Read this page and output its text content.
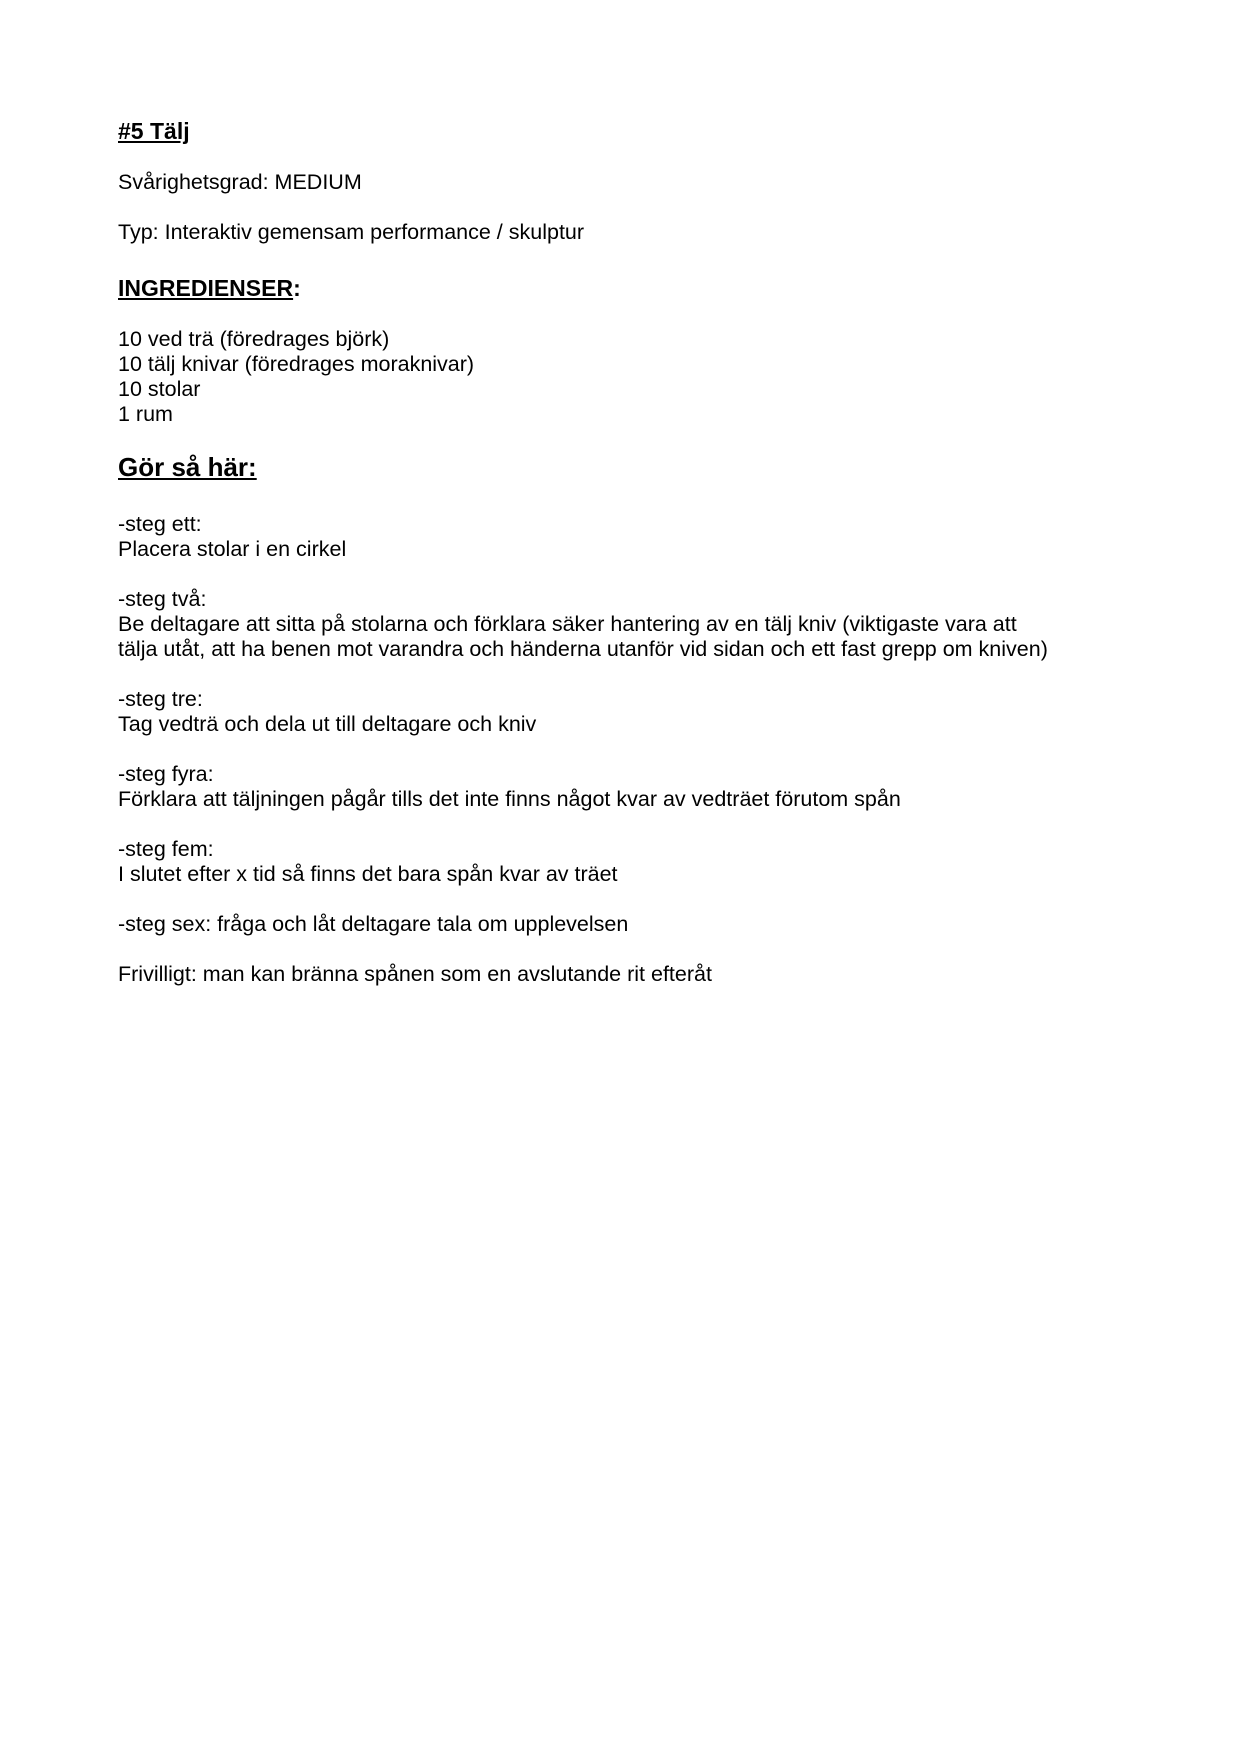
#5 Tälj
Svårighetsgrad: MEDIUM
Typ: Interaktiv gemensam performance / skulptur
INGREDIENSER:
10 ved trä (föredrages björk)
10 tälj knivar (föredrages moraknivar)
10 stolar
1 rum
Gör så här:
-steg ett:
Placera stolar i en cirkel
-steg två:
Be deltagare att sitta på stolarna och förklara säker hantering av en tälj kniv (viktigaste vara att
tälja utåt, att ha benen mot varandra och händerna utanför vid sidan och ett fast grepp om kniven)
-steg tre:
Tag vedträ och dela ut till deltagare och kniv
-steg fyra:
Förklara att täljningen pågår tills det inte finns något kvar av vedträet förutom spån
-steg fem:
I slutet efter x tid så finns det bara spån kvar av träet
-steg sex: fråga och låt deltagare tala om upplevelsen
Frivilligt: man kan bränna spånen som en avslutande rit efteråt
